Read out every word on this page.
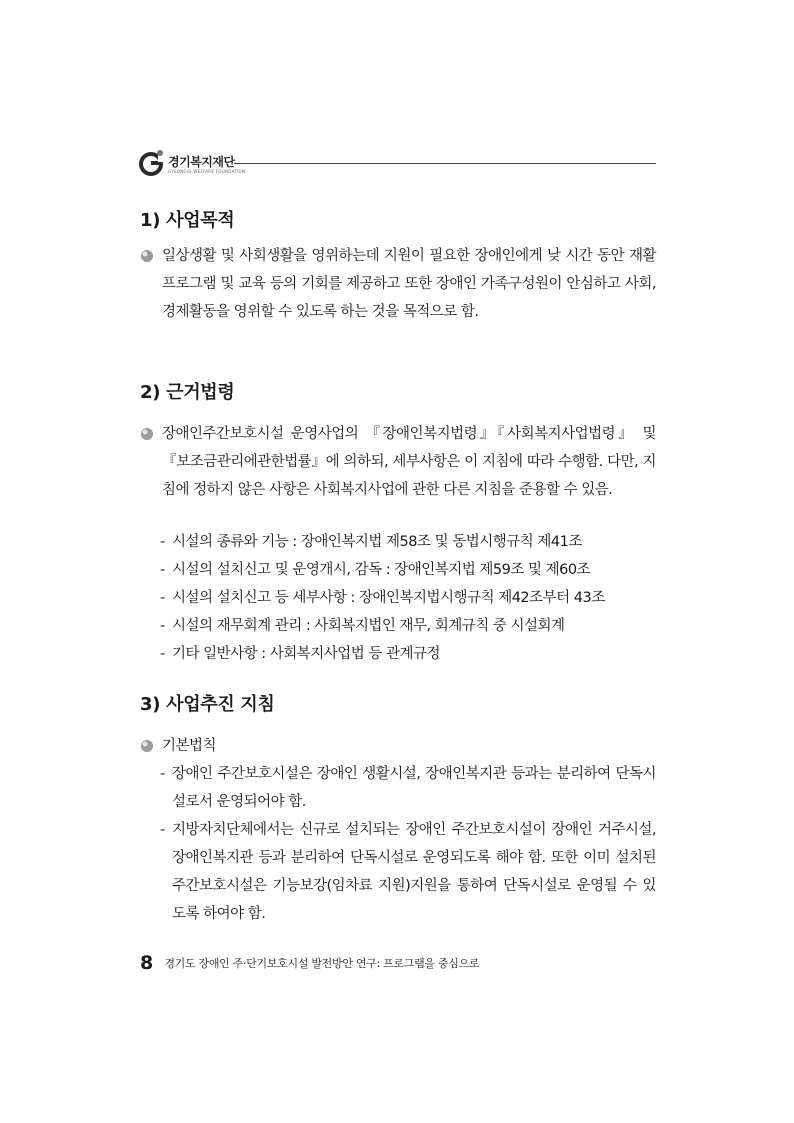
경기복지재단
GYEONGGI WELFARE FOUNDATION
1) 사업목적
일상생활 및 사회생활을 영위하는데 지원이 필요한 장애인에게 낮 시간 동안 재활 프로그램 및 교육 등의 기회를 제공하고 또한 장애인 가족구성원이 안심하고 사회, 경제활동을 영위할 수 있도록 하는 것을 목적으로 함.
2) 근거법령
장애인주간보호시설 운영사업의 『장애인복지법령』『사회복지사업법령』 및 『보조금관리에관한법률』에 의하되, 세부사항은 이 지침에 따라 수행함. 다만, 지침에 정하지 않은 사항은 사회복지사업에 관한 다른 지침을 준용할 수 있음.
- 시설의 종류와 기능 : 장애인복지법 제58조 및 동법시행규칙 제41조
- 시설의 설치신고 및 운영개시, 감독 : 장애인복지법 제59조 및 제60조
- 시설의 설치신고 등 세부사항 : 장애인복지법시행규칙 제42조부터 43조
- 시설의 재무회계 관리 : 사회복지법인 재무, 회계규칙 중 시설회계
- 기타 일반사항 : 사회복지사업법 등 관계규정
3) 사업추진 지침
기본법칙
- 장애인 주간보호시설은 장애인 생활시설, 장애인복지관 등과는 분리하여 단독시설로서 운영되어야 함.
- 지방자치단체에서는 신규로 설치되는 장애인 주간보호시설이 장애인 거주시설, 장애인복지관 등과 분리하여 단독시설로 운영되도록 해야 함. 또한 이미 설치된 주간보호시설은 기능보강(임차료 지원)지원을 통하여 단독시설로 운영될 수 있도록 하여야 함.
8 경기도 장애인 주·단기보호시설 발전방안 연구: 프로그램을 중심으로
